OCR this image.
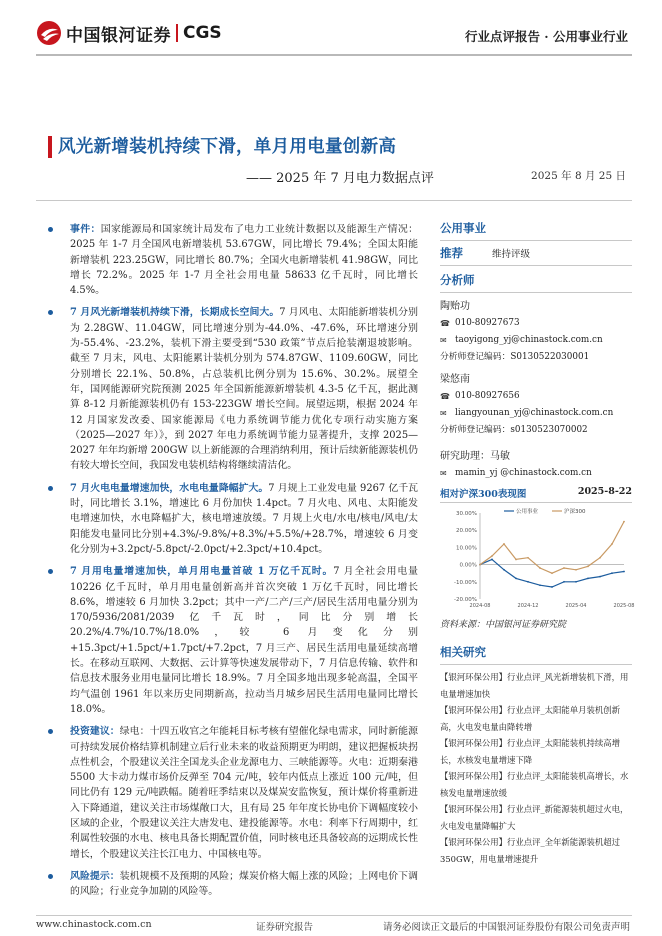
中国银河证券 CGS	行业点评报告 · 公用事业行业
风光新增装机持续下滑，单月用电量创新高
—— 2025 年 7 月电力数据点评	2025 年 8 月 25 日
事件：国家能源局和国家统计局发布了电力工业统计数据以及能源生产情况：2025 年 1-7 月全国风电新增装机 53.67GW，同比增长 79.4%；全国太阳能新增装机 223.25GW，同比增长 80.7%；全国火电新增装机 41.98GW，同比增长 72.2%。2025 年 1-7 月全社会用电量 58633 亿千瓦时，同比增长 4.5%。
7 月风光新增装机持续下滑，长期成长空间大。7 月风电、太阳能新增装机分别为 2.28GW、11.04GW，同比增速分别为-44.0%、-47.6%，环比增速分别为-55.4%、-23.2%，装机下滑主要受到“530 政策”节点后抢装潮退坡影响。截至 7 月末，风电、太阳能累计装机分别为 574.87GW、1109.60GW，同比分别增长 22.1%、50.8%，占总装机比例分别为 15.6%、30.2%。展望全年，国网能源研究院预测 2025 年全国新能源新增装机 4.3-5 亿千瓦，据此测算 8-12 月新能源装机仍有 153-223GW 增长空间。展望远期，根据 2024 年 12 月国家发改委、国家能源局《电力系统调节能力优化专项行动实施方案（2025—2027 年）》，到 2027 年电力系统调节能力显著提升，支撑 2025—2027 年年均新增 200GW 以上新能源的合理消纳利用，预计后续新能源装机仍有较大增长空间，我国发电装机结构将继续清洁化。
7 月火电电量增速加快，水电电量降幅扩大。7 月规上工业发电量 9267 亿千瓦时，同比增长 3.1%，增速比 6 月份加快 1.4pct。7 月火电、风电、太阳能发电增速加快，水电降幅扩大，核电增速放缓。7 月规上火电/水电/核电/风电/太阳能发电量同比分别+4.3%/-9.8%/+8.3%/+5.5%/+28.7%，增速较 6 月变化分别为+3.2pct/-5.8pct/-2.0pct/+2.3pct/+10.4pct。
7 月用电量增速加快，单月用电量首破 1 万亿千瓦时。7 月全社会用电量 10226 亿千瓦时，单月用电量创新高并首次突破 1 万亿千瓦时，同比增长 8.6%，增速较 6 月加快 3.2pct；其中一产/二产/三产/居民生活用电量分别为 170/5936/2081/2039 亿千瓦时，同比分别增长 20.2%/4.7%/10.7%/18.0%，较 6 月变化分别+15.3pct/+1.5pct/+1.7pct/+7.2pct，7 月三产、居民生活用电量延续高增长。在移动互联网、大数据、云计算等快速发展带动下，7 月信息传输、软件和信息技术服务业用电量同比增长 18.9%。7 月全国多地出现多轮高温，全国平均气温创 1961 年以来历史同期新高，拉动当月城乡居民生活用电量同比增长 18.0%。
投资建议：绿电：十四五收官之年能耗目标考核有望催化绿电需求，同时新能源可持续发展价格结算机制建立后行业未来的收益预期更为明朗，建议把握板块拐点性机会，个股建议关注全国龙头企业龙源电力、三峡能源等。火电：近期秦港 5500 大卡动力煤市场价反弹至 704 元/吨，较年内低点上涨近 100 元/吨，但同比仍有 129 元/吨跌幅。随着旺季结束以及煤炭安监恢复，预计煤价将重新进入下降通道，建议关注市场煤敞口大，且有局 25 年年度长协电价下调幅度较小区域的企业，个股建议关注大唐发电、建投能源等。水电：利率下行周期中，红利属性较强的水电、核电具备长期配置价值，同时核电还具备较高的远期成长性增长，个股建议关注长江电力、中国核电等。
风险提示：装机规模不及预期的风险；煤炭价格大幅上涨的风险；上网电价下调的风险；行业竞争加剧的风险等。
公用事业
推荐	维持评级
分析师
陶贻功
☎ 010-80927673
✉ taoyigong_yj@chinastock.com.cn
分析师登记编码：S0130522030001
梁悠南
☎ 010-80927656
✉ liangyounan_yj@chinastock.com.cn
分析师登记编码：s0130523070002
研究助理：马敏
✉ mamin_yj @chinastock.com.cn
相对沪深300表现图	2025-8-22
30.00%
20.00%
10.00%
0.00%
-10.00%
-20.00%
2024-08	2024-12	2025-04	2025-08
公用事业	沪深300
资料来源：中国银河证券研究院
相关研究
【银河环保公用】行业点评_风光新增装机下滑，用电量增速加快
【银河环保公用】行业点评_太阳能单月装机创新高，火电发电量由降转增
【银河环保公用】行业点评_太阳能装机持续高增长，水核发电量增速下降
【银河环保公用】行业点评_太阳能装机高增长，水核发电量增速放缓
【银河环保公用】行业点评_新能源装机超过火电，火电发电量降幅扩大
【银河环保公用】行业点评_全年新能源装机超过350GW，用电量增速提升
www.chinastock.com.cn	证券研究报告	请务必阅读正文最后的中国银河证券股份有限公司免责声明
